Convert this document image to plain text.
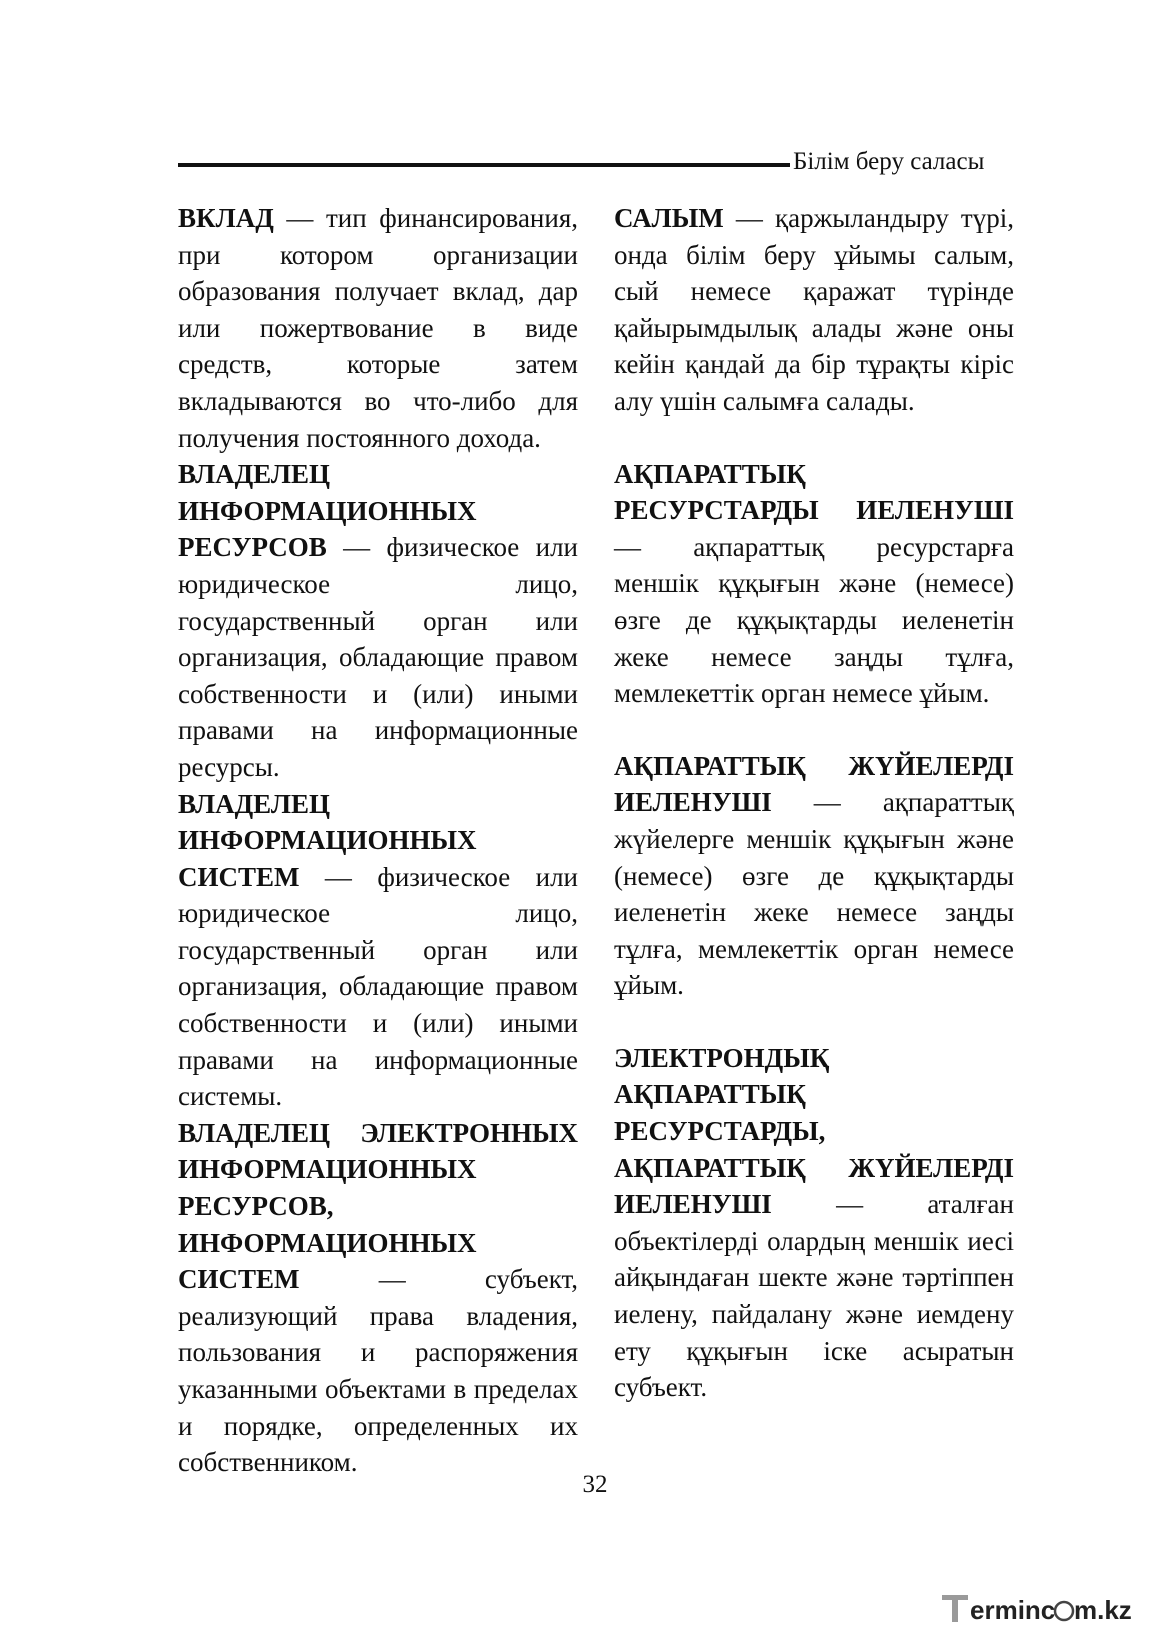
Білім беру саласы

ВКЛАД — тип финансирования, при котором организации образования получает вклад, дар или пожертвование в виде средств, которые затем вкладываются во что-либо для получения постоянного дохода.

ВЛАДЕЛЕЦ ИНФОРМАЦИОННЫХ РЕСУРСОВ — физическое или юридическое лицо, государственный орган или организация, обладающие правом собственности и (или) иными правами на информационные ресурсы.

ВЛАДЕЛЕЦ ИНФОРМАЦИОННЫХ СИСТЕМ — физическое или юридическое лицо, государственный орган или организация, обладающие правом собственности и (или) иными правами на информационные системы.

ВЛАДЕЛЕЦ ЭЛЕКТРОННЫХ ИНФОРМАЦИОННЫХ РЕСУРСОВ, ИНФОРМАЦИОННЫХ СИСТЕМ — субъект, реализующий права владения, пользования и распоряжения указанными объектами в пределах и порядке, определенных их собственником.

САЛЫМ — қаржыландыру түрі, онда білім беру ұйымы салым, сый немесе қаражат түрінде қайырымдылық алады және оны кейін қандай да бір тұрақты кіріс алу үшін салымға салады.

АҚПАРАТТЫҚ РЕСУРСТАРДЫ ИЕЛЕНУШІ — ақпараттық ресурстарға меншік құқығын және (немесе) өзге де құқықтарды иеленетін жеке немесе заңды тұлға, мемлекеттік орган немесе ұйым.

АҚПАРАТТЫҚ ЖҮЙЕЛЕРДІ ИЕЛЕНУШІ — ақпараттық жүйелерге меншік құқығын және (немесе) өзге де құқықтарды иеленетін жеке немесе заңды тұлға, мемлекеттік орган немесе ұйым.

ЭЛЕКТРОНДЫҚ АҚПАРАТТЫҚ РЕСУРСТАРДЫ, АҚПАРАТТЫҚ ЖҮЙЕЛЕРДІ ИЕЛЕНУШІ — аталған объектілерді олардың меншік иесі айқындаған шекте және тәртіппен иелену, пайдалану және иемдену ету құқығын іске асыратын субъект.

32
erminc m.kz
